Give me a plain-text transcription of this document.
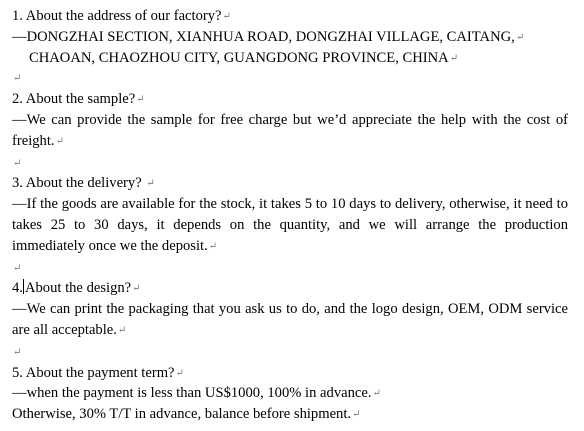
1. About the address of our factory?↵
—DONGZHAI SECTION, XIANHUA ROAD, DONGZHAI VILLAGE, CAITANG,↵
CHAOAN, CHAOZHOU CITY, GUANGDONG PROVINCE, CHINA↵
↵
2. About the sample?↵
—We can provide the sample for free charge but we’d appreciate the help with the cost of freight.↵
↵
3. About the delivery? ↵
—If the goods are available for the stock, it takes 5 to 10 days to delivery, otherwise, it need to takes 25 to 30 days, it depends on the quantity, and we will arrange the production immediately once we the deposit.↵
↵
4. About the design?↵
—We can print the packaging that you ask us to do, and the logo design, OEM, ODM service are all acceptable.↵
↵
5. About the payment term?↵
—when the payment is less than US$1000, 100% in advance.↵
Otherwise, 30% T/T in advance, balance before shipment.↵
